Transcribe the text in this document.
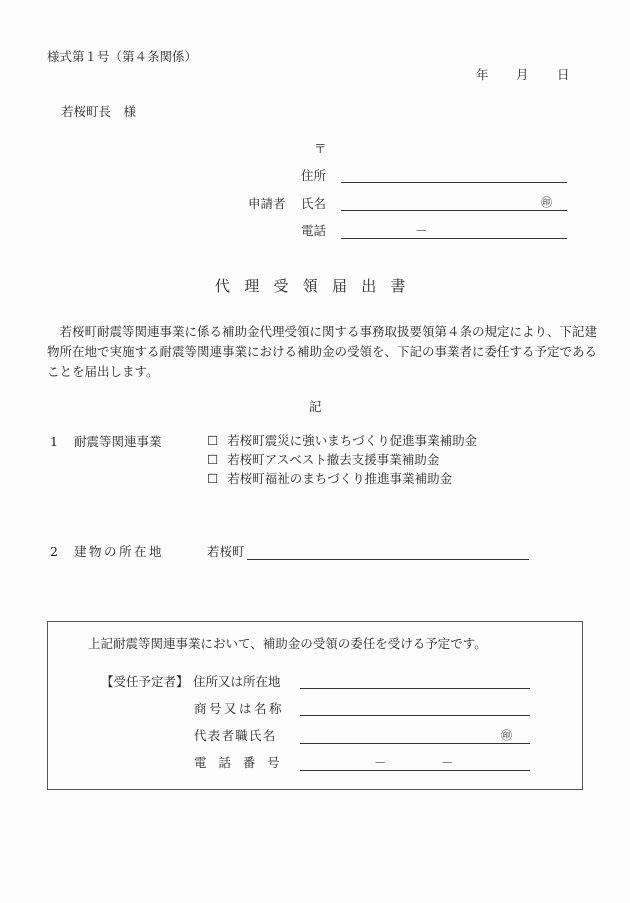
様式第１号（第４条関係）
年 月 日
若桜町長　様
〒
住所
申請者 氏名	㊞
電話	－
代理受領届出書
若桜町耐震等関連事業に係る補助金代理受領に関する事務取扱要領第４条の規定により、下記建物所在地で実施する耐震等関連事業における補助金の受領を、下記の事業者に委任する予定であることを届出します。
記
1 耐震等関連事業	☐ 若桜町震災に強いまちづくり促進事業補助金
☐ 若桜町アスベスト撤去支援事業補助金
☐ 若桜町福祉のまちづくり推進事業補助金
2 建物の所在地	若桜町
上記耐震等関連事業において、補助金の受領の委任を受ける予定です。
【受任予定者】 住所又は所在地
商号又は名称
代表者職氏名	㊞
電話番号	－	－
